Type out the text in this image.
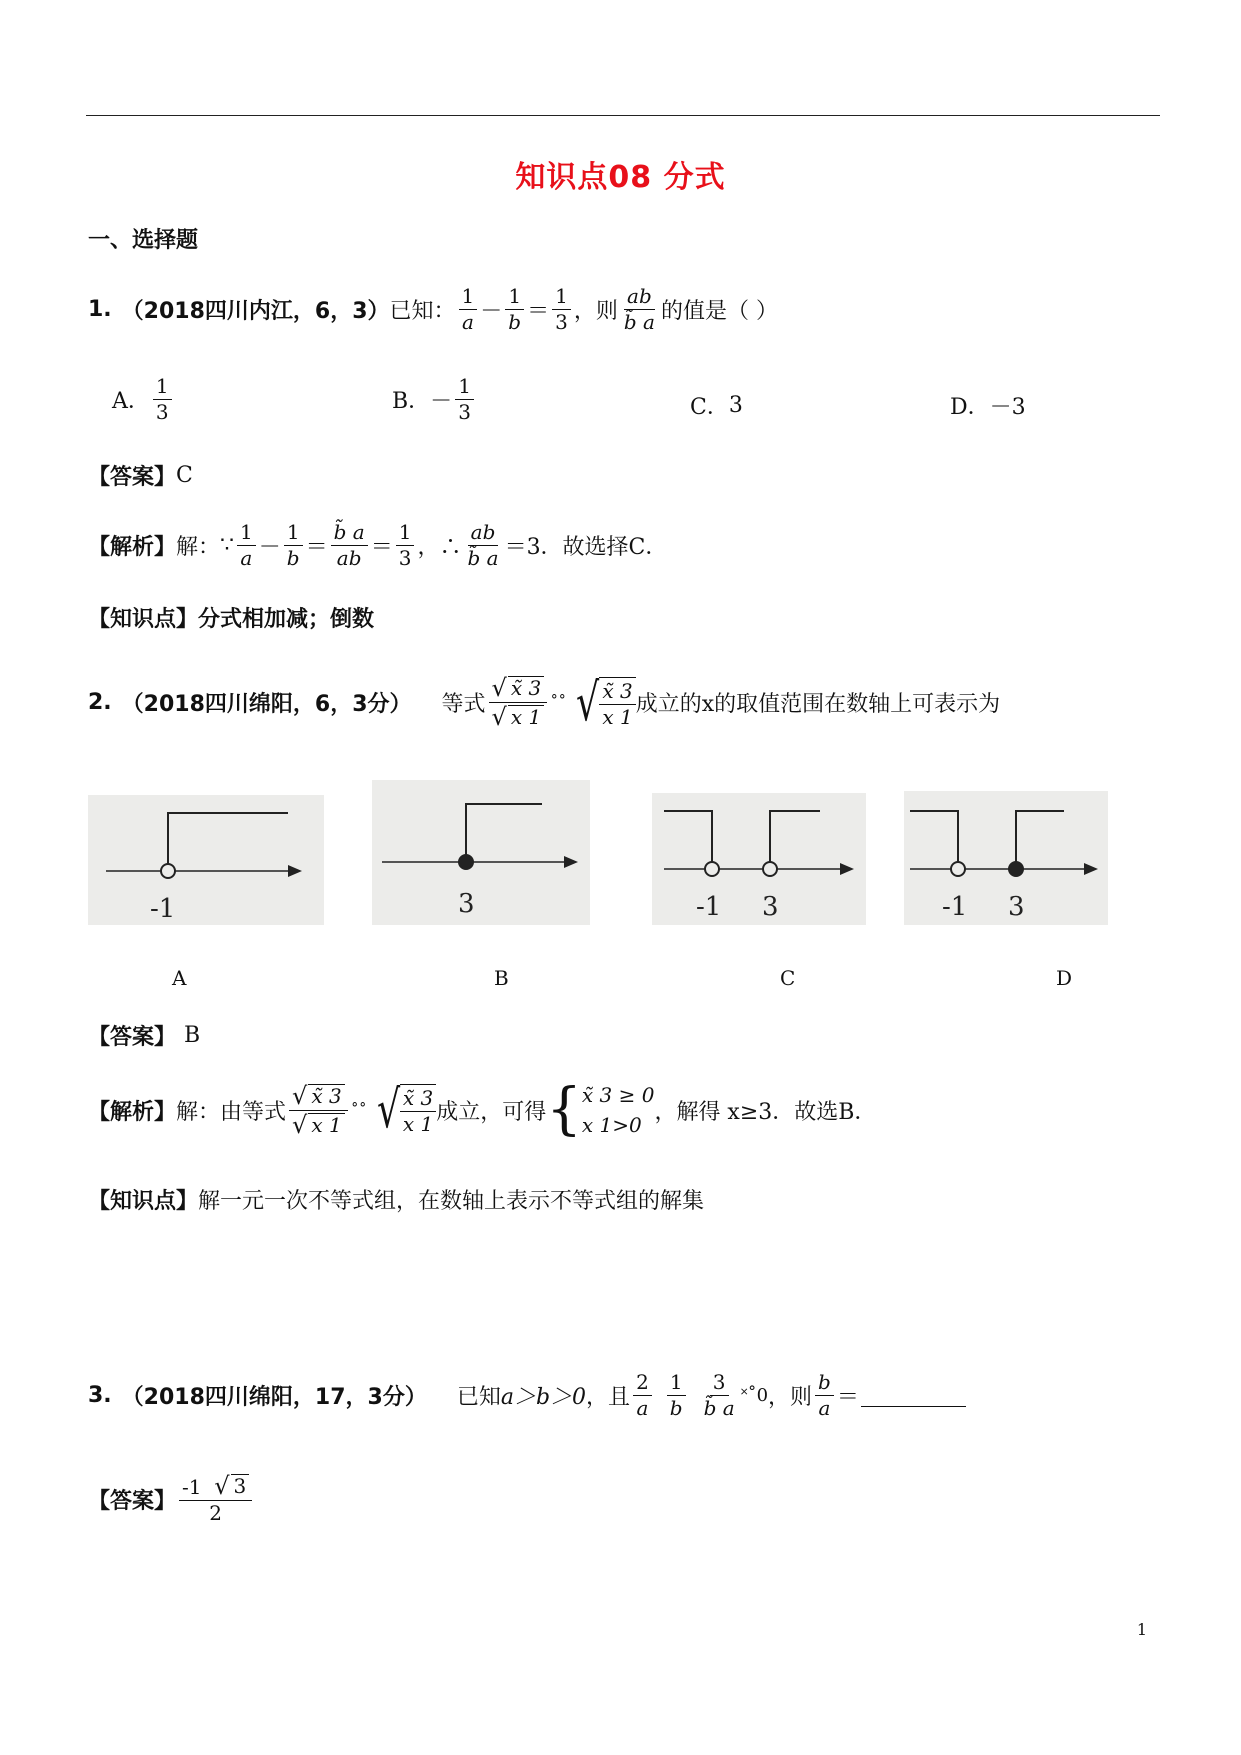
知识点08 分式
一、选择题
1. （2018四川内江，6，3） 已知： $\frac{1}{a} - \frac{1}{b} = \frac{1}{3}$ ，则 $\frac{ab}{b̃ a}$ 的值是（ ）
A． $\frac{1}{3}$	B． － $\frac{1}{3}$	C． 3	D． －3
【答案】 C
【解析】 解： ∵ $\frac{1}{a} - \frac{1}{b} = \frac{b̃ a}{ab} = \frac{1}{3}$ ，∴ $\frac{ab}{b̃ a} =3$．故选择C．
【知识点】 分式相加减；倒数
2. （2018四川绵阳，6，3分） 等式 $\frac{√ x̃ 3}{√ x 1}$ ˚˚ √ $\frac{x̃ 3}{x 1}$ 成立的x的取值范围在数轴上可表示为
-1	3	-1 3	-1 3
A	B	C	D
【答案】 B
【解析】 解：由等式 $\frac{√ x̃ 3}{√ x 1}$ ˚˚ √ $\frac{x̃ 3}{x 1}$ 成立，可得 { x̃ 3 ≥ 0
x 1>0
，解得 x≥3．故选B．
【知识点】 解一元一次不等式组，在数轴上表示不等式组的解集
3. （2018四川绵阳，17，3分） 已知 a＞b＞0 ，且 $\frac{2}{a} \frac{1}{b} \frac{3}{b̃ a}$ ˟˚0 ，则 $\frac{b}{a}$ ＝
【答案】 $\frac{-1 √ 3}{2}$
1
